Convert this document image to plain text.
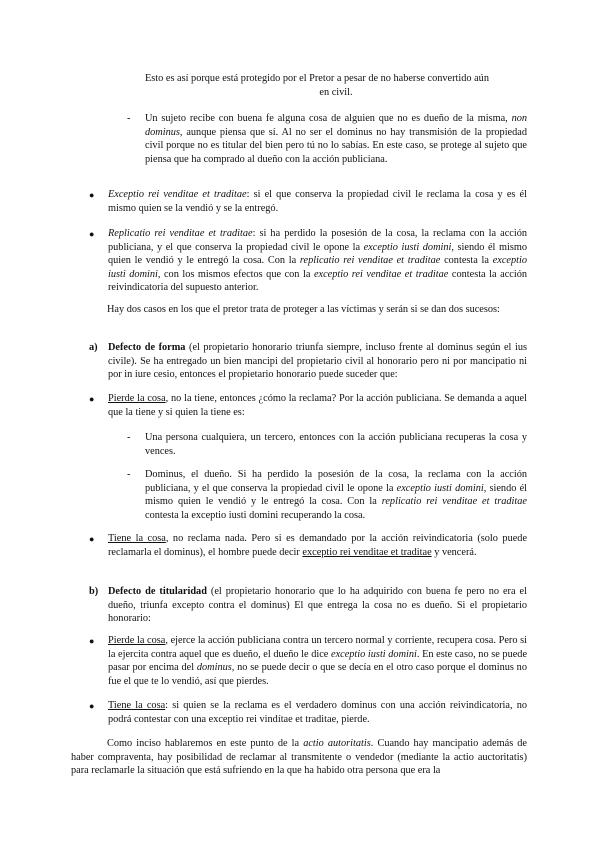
Esto es así porque está protegido por el Pretor a pesar de no haberse convertido aún
en civil.
- Un sujeto recibe con buena fe alguna cosa de alguien que no es dueño de la misma, non dominus, aunque piensa que sí. Al no ser el dominus no hay transmisión de la propiedad civil porque no es titular del bien pero tú no lo sabías. En este caso, se protege al sujeto que piensa que ha comprado al dueño con la acción publiciana.
● Exceptio rei venditae et traditae: si el que conserva la propiedad civil le reclama la cosa y es él mismo quien se la vendió y se la entregó.
● Replicatio rei venditae et traditae: si ha perdido la posesión de la cosa, la reclama con la acción publiciana, y el que conserva la propiedad civil le opone la exceptio iusti domini, siendo él mismo quien le vendió y le entregó la cosa. Con la replicatio rei venditae et traditae contesta la exceptio iusti domini, con los mismos efectos que con la exceptio rei venditae et traditae contesta la acción reivindicatoria del supuesto anterior.
Hay dos casos en los que el pretor trata de proteger a las víctimas y serán si se dan dos sucesos:
a) Defecto de forma (el propietario honorario triunfa siempre, incluso frente al dominus según el ius civile). Se ha entregado un bien mancipi del propietario civil al honorario pero ni por mancipatio ni por in iure cesio, entonces el propietario honorario puede suceder que:
● Pierde la cosa, no la tiene, entonces ¿cómo la reclama? Por la acción publiciana. Se demanda a aquel que la tiene y si quien la tiene es:
- Una persona cualquiera, un tercero, entonces con la acción publiciana recuperas la cosa y vences.
- Dominus, el dueño. Si ha perdido la posesión de la cosa, la reclama con la acción publiciana, y el que conserva la propiedad civil le opone la exceptio iusti domini, siendo él mismo quien le vendió y le entregó la cosa. Con la replicatio rei venditae et traditae contesta la exceptio iusti domini recuperando la cosa.
● Tiene la cosa, no reclama nada. Pero si es demandado por la acción reivindicatoria (solo puede reclamarla el dominus), el hombre puede decir exceptio rei venditae et traditae y vencerá.
b) Defecto de titularidad (el propietario honorario que lo ha adquirido con buena fe pero no era el dueño, triunfa excepto contra el dominus) El que entrega la cosa no es dueño. Si el propietario honorario:
● Pierde la cosa, ejerce la acción publiciana contra un tercero normal y corriente, recupera cosa. Pero si la ejercita contra aquel que es dueño, el dueño le dice exceptio iusti domini. En este caso, no se puede pasar por encima del dominus, no se puede decir o que se decía en el otro caso porque el dominus no fue el que te lo vendió, así que pierdes.
● Tiene la cosa: si quien se la reclama es el verdadero dominus con una acción reivindicatoria, no podrá contestar con una exceptio rei vindítae et traditae, pierde.
Como inciso hablaremos en este punto de la actio autoritatis. Cuando hay mancipatio además de haber compraventa, hay posibilidad de reclamar al transmitente o vendedor (mediante la actio auctoritatis) para reclamarle la situación que está sufriendo en la que ha habido otra persona que era la
